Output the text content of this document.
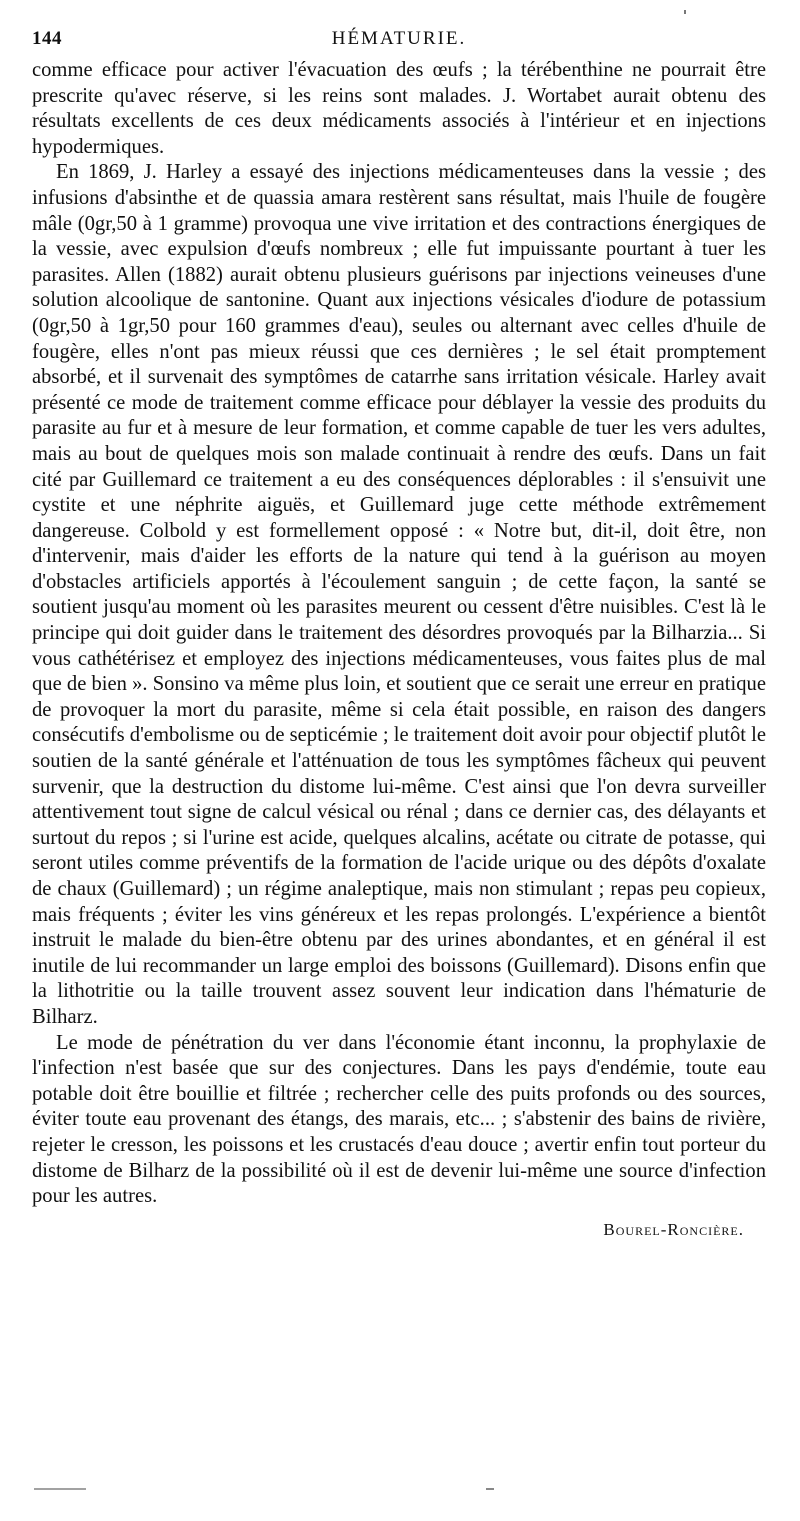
144	HÉMATURIE.

comme efficace pour activer l'évacuation des œufs ; la térébenthine ne pourrait être prescrite qu'avec réserve, si les reins sont malades. J. Wortabet aurait obtenu des résultats excellents de ces deux médicaments associés à l'intérieur et en injections hypodermiques.

En 1869, J. Harley a essayé des injections médicamenteuses dans la vessie ; des infusions d'absinthe et de quassia amara restèrent sans résultat, mais l'huile de fougère mâle (0gr,50 à 1 gramme) provoqua une vive irritation et des contractions énergiques de la vessie, avec expulsion d'œufs nombreux ; elle fut impuissante pourtant à tuer les parasites. Allen (1882) aurait obtenu plusieurs guérisons par injections veineuses d'une solution alcoolique de santonine. Quant aux injections vésicales d'iodure de potassium (0gr,50 à 1gr,50 pour 160 grammes d'eau), seules ou alternant avec celles d'huile de fougère, elles n'ont pas mieux réussi que ces dernières ; le sel était promptement absorbé, et il survenait des symptômes de catarrhe sans irritation vésicale. Harley avait présenté ce mode de traitement comme efficace pour déblayer la vessie des produits du parasite au fur et à mesure de leur formation, et comme capable de tuer les vers adultes, mais au bout de quelques mois son malade continuait à rendre des œufs. Dans un fait cité par Guillemard ce traitement a eu des conséquences déplorables : il s'ensuivit une cystite et une néphrite aiguës, et Guillemard juge cette méthode extrêmement dangereuse. Colbold y est formellement opposé : « Notre but, dit-il, doit être, non d'intervenir, mais d'aider les efforts de la nature qui tend à la guérison au moyen d'obstacles artificiels apportés à l'écoulement sanguin ; de cette façon, la santé se soutient jusqu'au moment où les parasites meurent ou cessent d'être nuisibles. C'est là le principe qui doit guider dans le traitement des désordres provoqués par la Bilharzia... Si vous cathétérisez et employez des injections médicamenteuses, vous faites plus de mal que de bien ». Sonsino va même plus loin, et soutient que ce serait une erreur en pratique de provoquer la mort du parasite, même si cela était possible, en raison des dangers consécutifs d'embolisme ou de septicémie ; le traitement doit avoir pour objectif plutôt le soutien de la santé générale et l'atténuation de tous les symptômes fâcheux qui peuvent survenir, que la destruction du distome lui-même. C'est ainsi que l'on devra surveiller attentivement tout signe de calcul vésical ou rénal ; dans ce dernier cas, des délayants et surtout du repos ; si l'urine est acide, quelques alcalins, acétate ou citrate de potasse, qui seront utiles comme préventifs de la formation de l'acide urique ou des dépôts d'oxalate de chaux (Guillemard) ; un régime analeptique, mais non stimulant ; repas peu copieux, mais fréquents ; éviter les vins généreux et les repas prolongés. L'expérience a bientôt instruit le malade du bien-être obtenu par des urines abondantes, et en général il est inutile de lui recommander un large emploi des boissons (Guillemard). Disons enfin que la lithotritie ou la taille trouvent assez souvent leur indication dans l'hématurie de Bilharz.

Le mode de pénétration du ver dans l'économie étant inconnu, la prophylaxie de l'infection n'est basée que sur des conjectures. Dans les pays d'endémie, toute eau potable doit être bouillie et filtrée ; rechercher celle des puits profonds ou des sources, éviter toute eau provenant des étangs, des marais, etc... ; s'abstenir des bains de rivière, rejeter le cresson, les poissons et les crustacés d'eau douce ; avertir enfin tout porteur du distome de Bilharz de la possibilité où il est de devenir lui-même une source d'infection pour les autres.

Bourel-Roncière.
